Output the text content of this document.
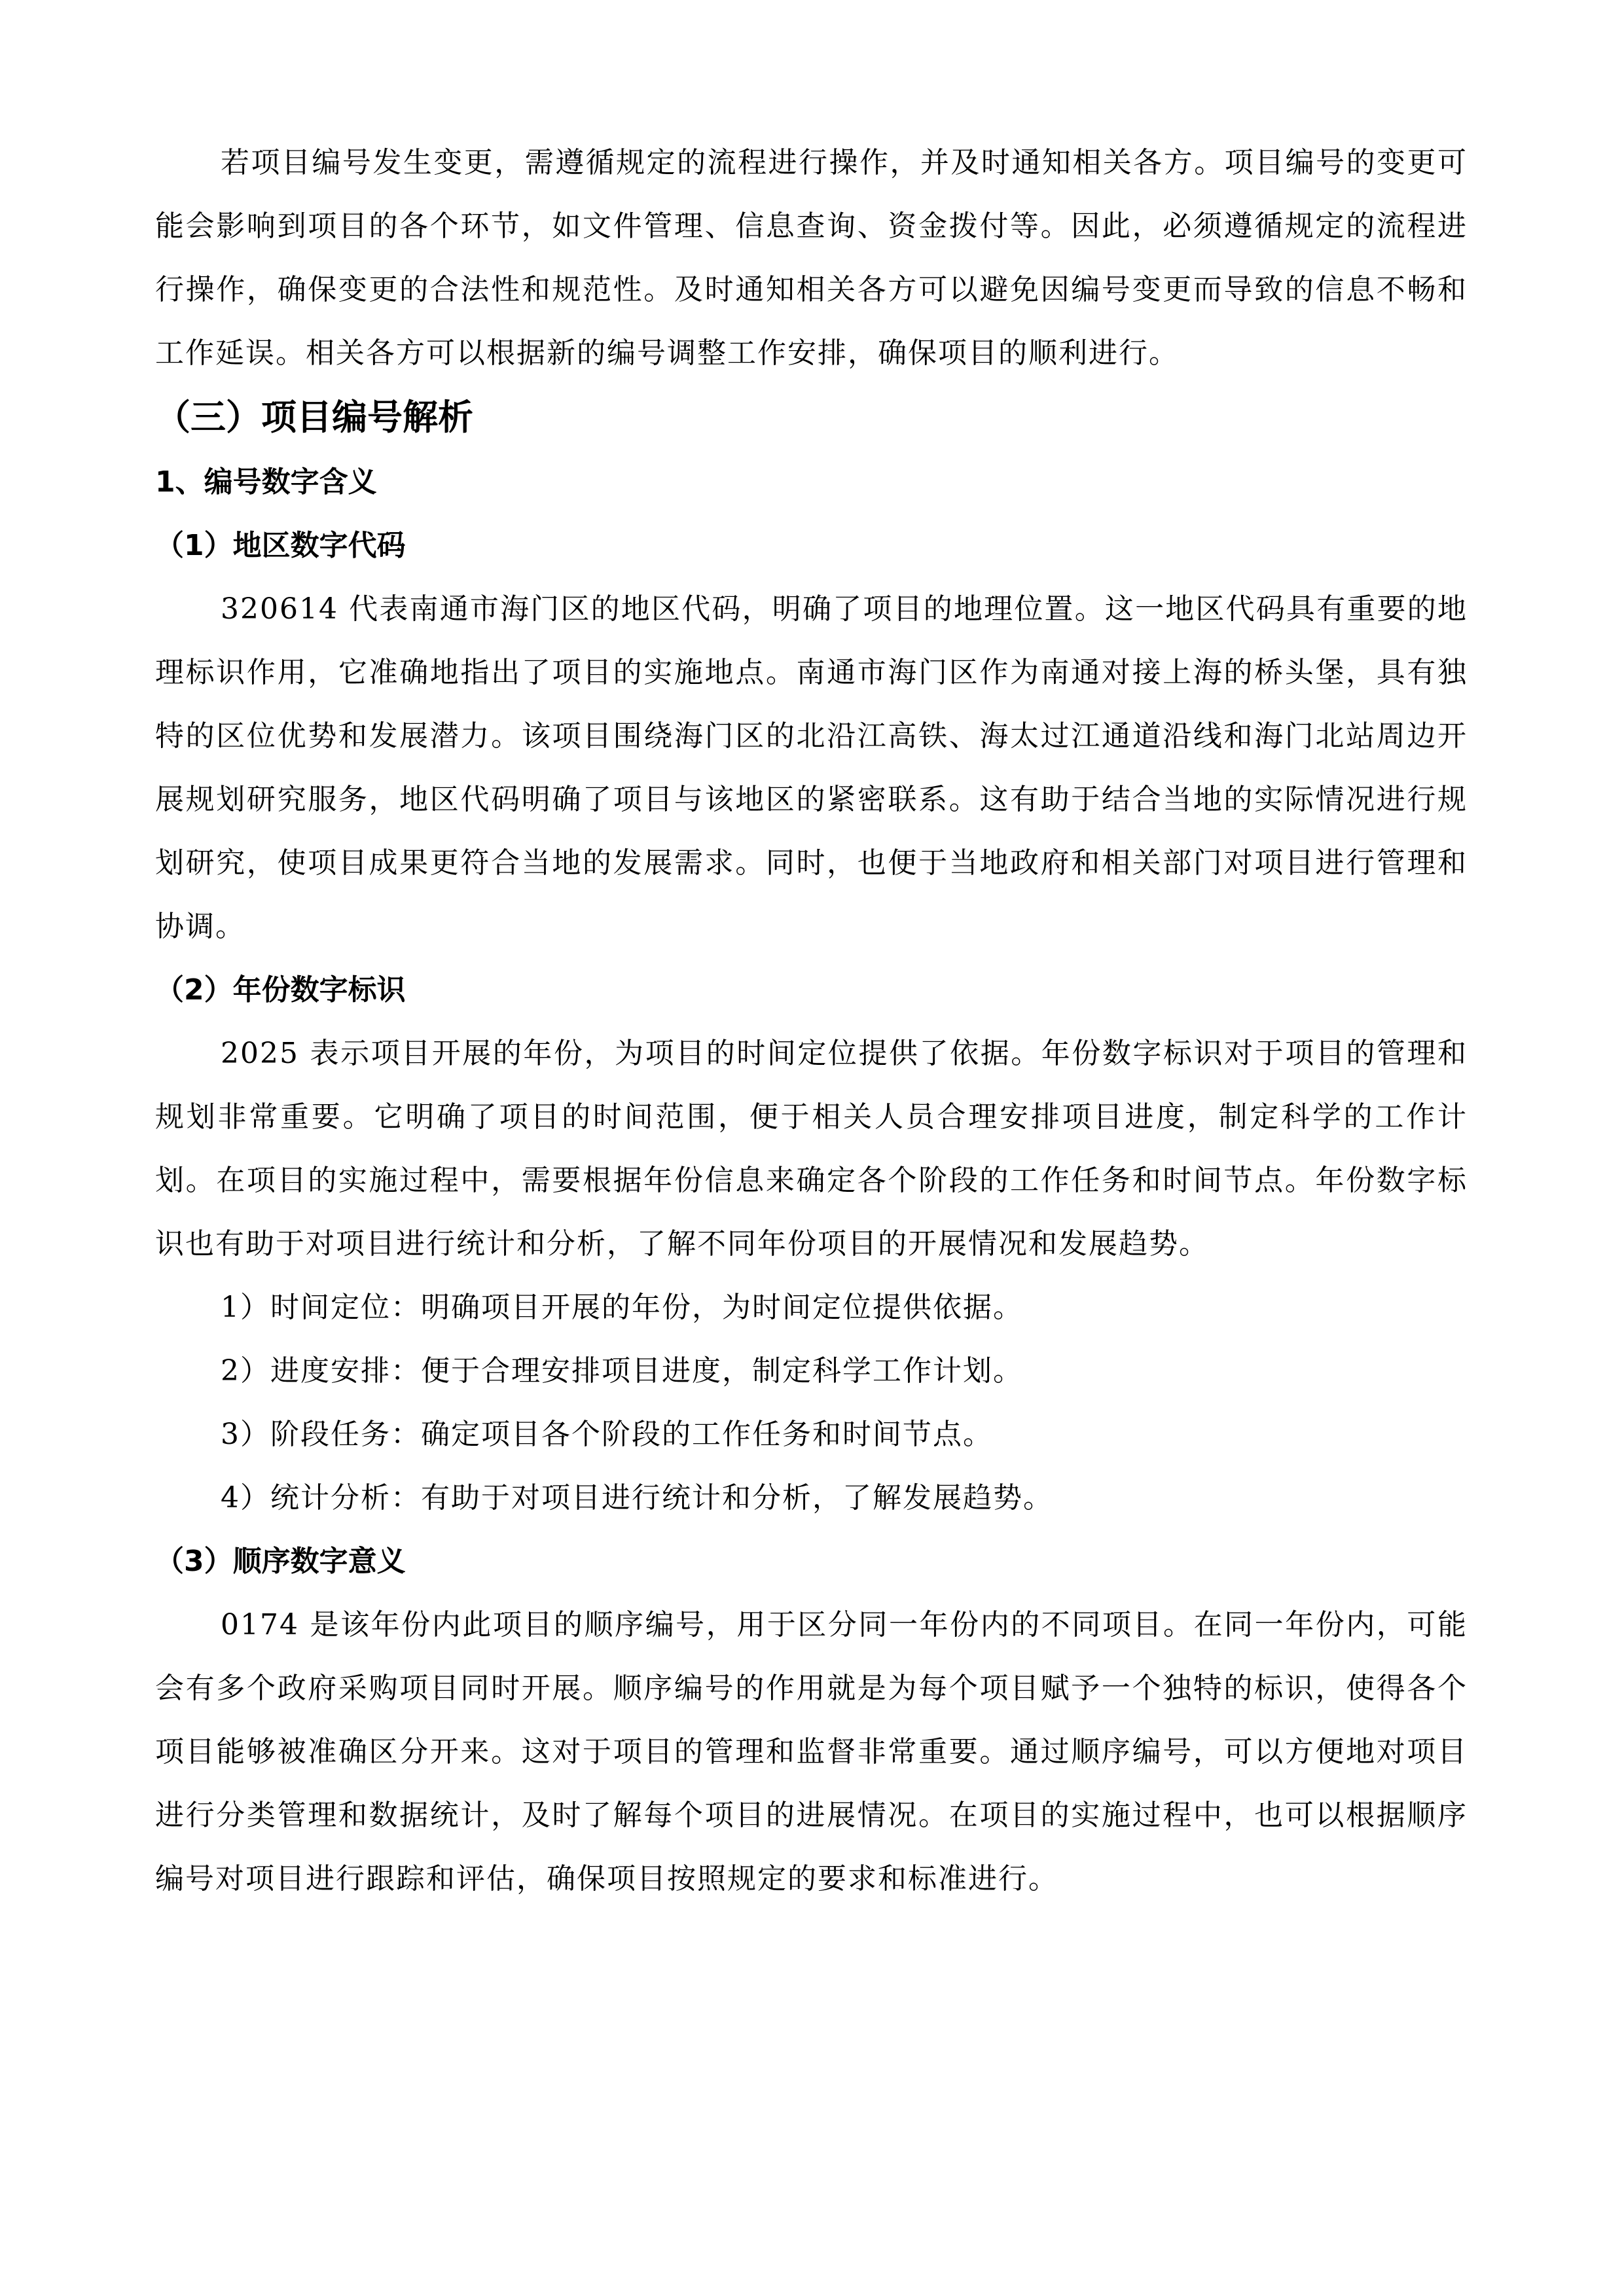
若项目编号发生变更，需遵循规定的流程进行操作，并及时通知相关各方。项目编号的变更可能会影响到项目的各个环节，如文件管理、信息查询、资金拨付等。因此，必须遵循规定的流程进行操作，确保变更的合法性和规范性。及时通知相关各方可以避免因编号变更而导致的信息不畅和工作延误。相关各方可以根据新的编号调整工作安排，确保项目的顺利进行。

（三）项目编号解析
1、编号数字含义
（1）地区数字代码

320614 代表南通市海门区的地区代码，明确了项目的地理位置。这一地区代码具有重要的地理标识作用，它准确地指出了项目的实施地点。南通市海门区作为南通对接上海的桥头堡，具有独特的区位优势和发展潜力。该项目围绕海门区的北沿江高铁、海太过江通道沿线和海门北站周边开展规划研究服务，地区代码明确了项目与该地区的紧密联系。这有助于结合当地的实际情况进行规划研究，使项目成果更符合当地的发展需求。同时，也便于当地政府和相关部门对项目进行管理和协调。

（2）年份数字标识

2025 表示项目开展的年份，为项目的时间定位提供了依据。年份数字标识对于项目的管理和规划非常重要。它明确了项目的时间范围，便于相关人员合理安排项目进度，制定科学的工作计划。在项目的实施过程中，需要根据年份信息来确定各个阶段的工作任务和时间节点。年份数字标识也有助于对项目进行统计和分析，了解不同年份项目的开展情况和发展趋势。

1）时间定位：明确项目开展的年份，为时间定位提供依据。

2）进度安排：便于合理安排项目进度，制定科学工作计划。

3）阶段任务：确定项目各个阶段的工作任务和时间节点。

4）统计分析：有助于对项目进行统计和分析，了解发展趋势。

（3）顺序数字意义

0174 是该年份内此项目的顺序编号，用于区分同一年份内的不同项目。在同一年份内，可能会有多个政府采购项目同时开展。顺序编号的作用就是为每个项目赋予一个独特的标识，使得各个项目能够被准确区分开来。这对于项目的管理和监督非常重要。通过顺序编号，可以方便地对项目进行分类管理和数据统计，及时了解每个项目的进展情况。在项目的实施过程中，也可以根据顺序编号对项目进行跟踪和评估，确保项目按照规定的要求和标准进行。
